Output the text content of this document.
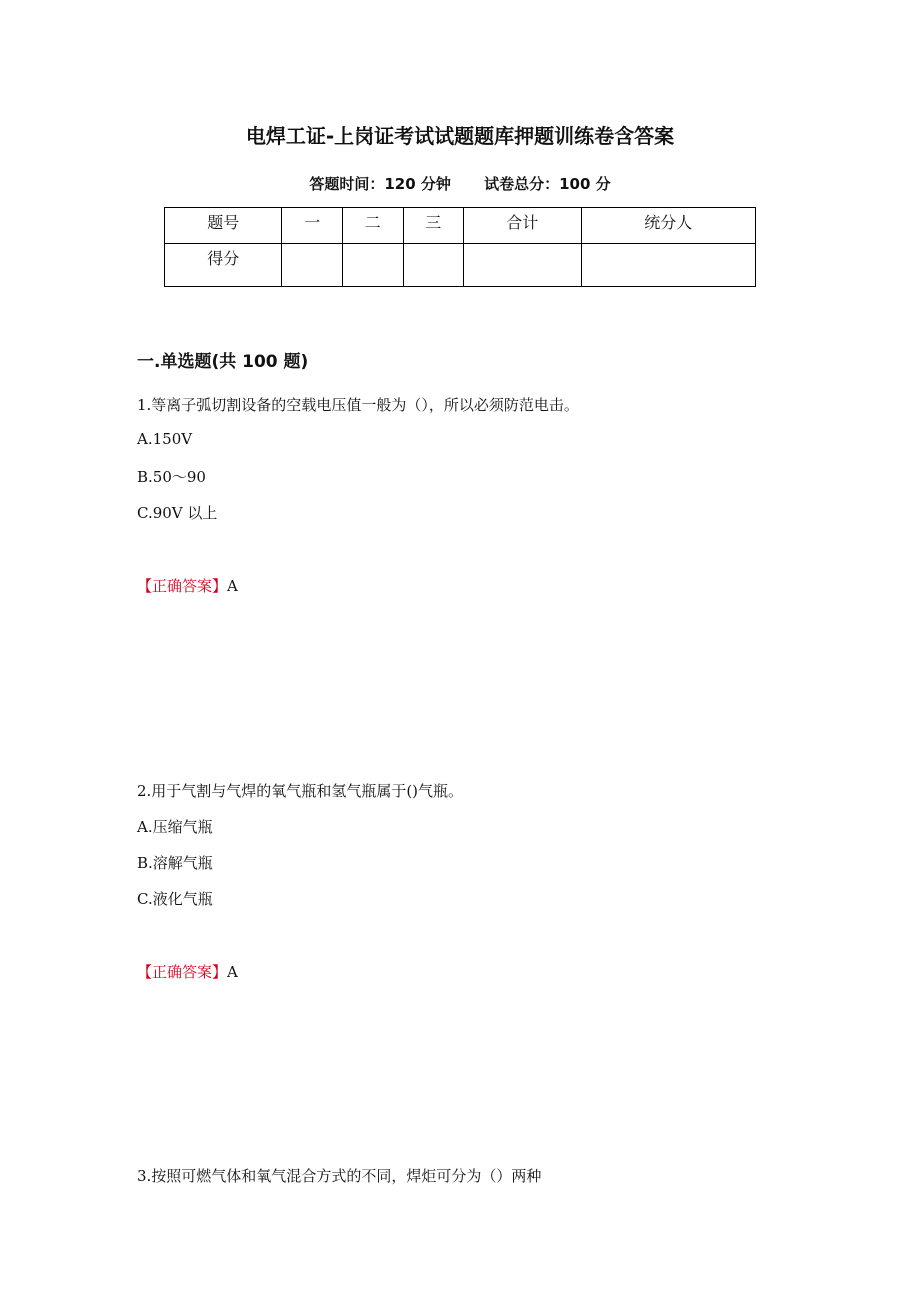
电焊工证-上岗证考试试题题库押题训练卷含答案
答题时间：120 分钟 试卷总分：100 分
题号	一	二	三	合计	统分人
得分					
一.单选题(共 100 题)
1.等离子弧切割设备的空载电压值一般为（），所以必须防范电击。
A.150V
B.50～90
C.90V 以上
【正确答案】A
2.用于气割与气焊的氧气瓶和氢气瓶属于()气瓶。
A.压缩气瓶
B.溶解气瓶
C.液化气瓶
【正确答案】A
3.按照可燃气体和氧气混合方式的不同，焊炬可分为（）两种
